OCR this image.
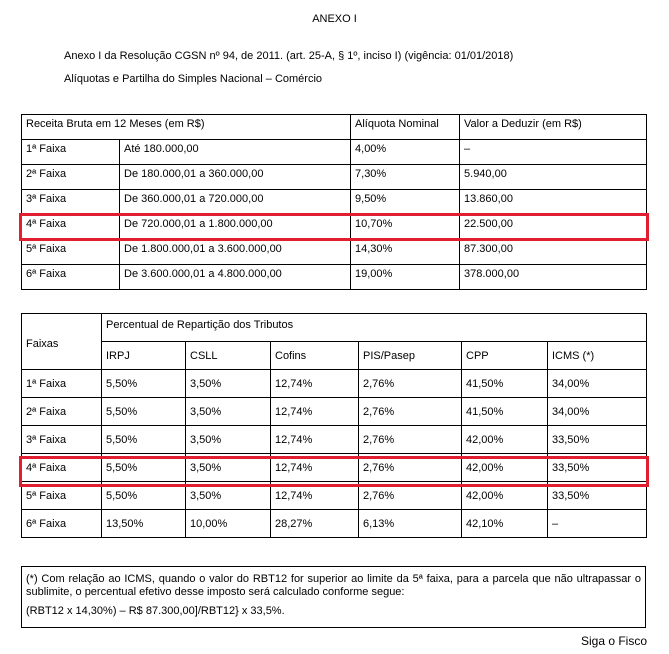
ANEXO I
Anexo I da Resolução CGSN nº 94, de 2011. (art. 25-A, § 1º, inciso I) (vigência: 01/01/2018)
Alíquotas e Partilha do Simples Nacional – Comércio
Receita Bruta em 12 Meses (em R$)		Alíquota Nominal	Valor a Deduzir (em R$)
1ª Faixa	Até 180.000,00	4,00%	–
2ª Faixa	De 180.000,01 a 360.000,00	7,30%	5.940,00
3ª Faixa	De 360.000,01 a 720.000,00	9,50%	13.860,00
4ª Faixa	De 720.000,01 a 1.800.000,00	10,70%	22.500,00
5ª Faixa	De 1.800.000,01 a 3.600.000,00	14,30%	87.300,00
6ª Faixa	De 3.600.000,01 a 4.800.000,00	19,00%	378.000,00
Faixas	Percentual de Repartição dos Tributos					
	IRPJ	CSLL	Cofins	PIS/Pasep	CPP	ICMS (*)
1ª Faixa	5,50%	3,50%	12,74%	2,76%	41,50%	34,00%
2ª Faixa	5,50%	3,50%	12,74%	2,76%	41,50%	34,00%
3ª Faixa	5,50%	3,50%	12,74%	2,76%	42,00%	33,50%
4ª Faixa	5,50%	3,50%	12,74%	2,76%	42,00%	33,50%
5ª Faixa	5,50%	3,50%	12,74%	2,76%	42,00%	33,50%
6ª Faixa	13,50%	10,00%	28,27%	6,13%	42,10%	–
(*) Com relação ao ICMS, quando o valor do RBT12 for superior ao limite da 5ª faixa, para a parcela que não ultrapassar o sublimite, o percentual efetivo desse imposto será calculado conforme segue:
(RBT12 x 14,30%) – R$ 87.300,00]/RBT12} x 33,5%.
Siga o Fisco
